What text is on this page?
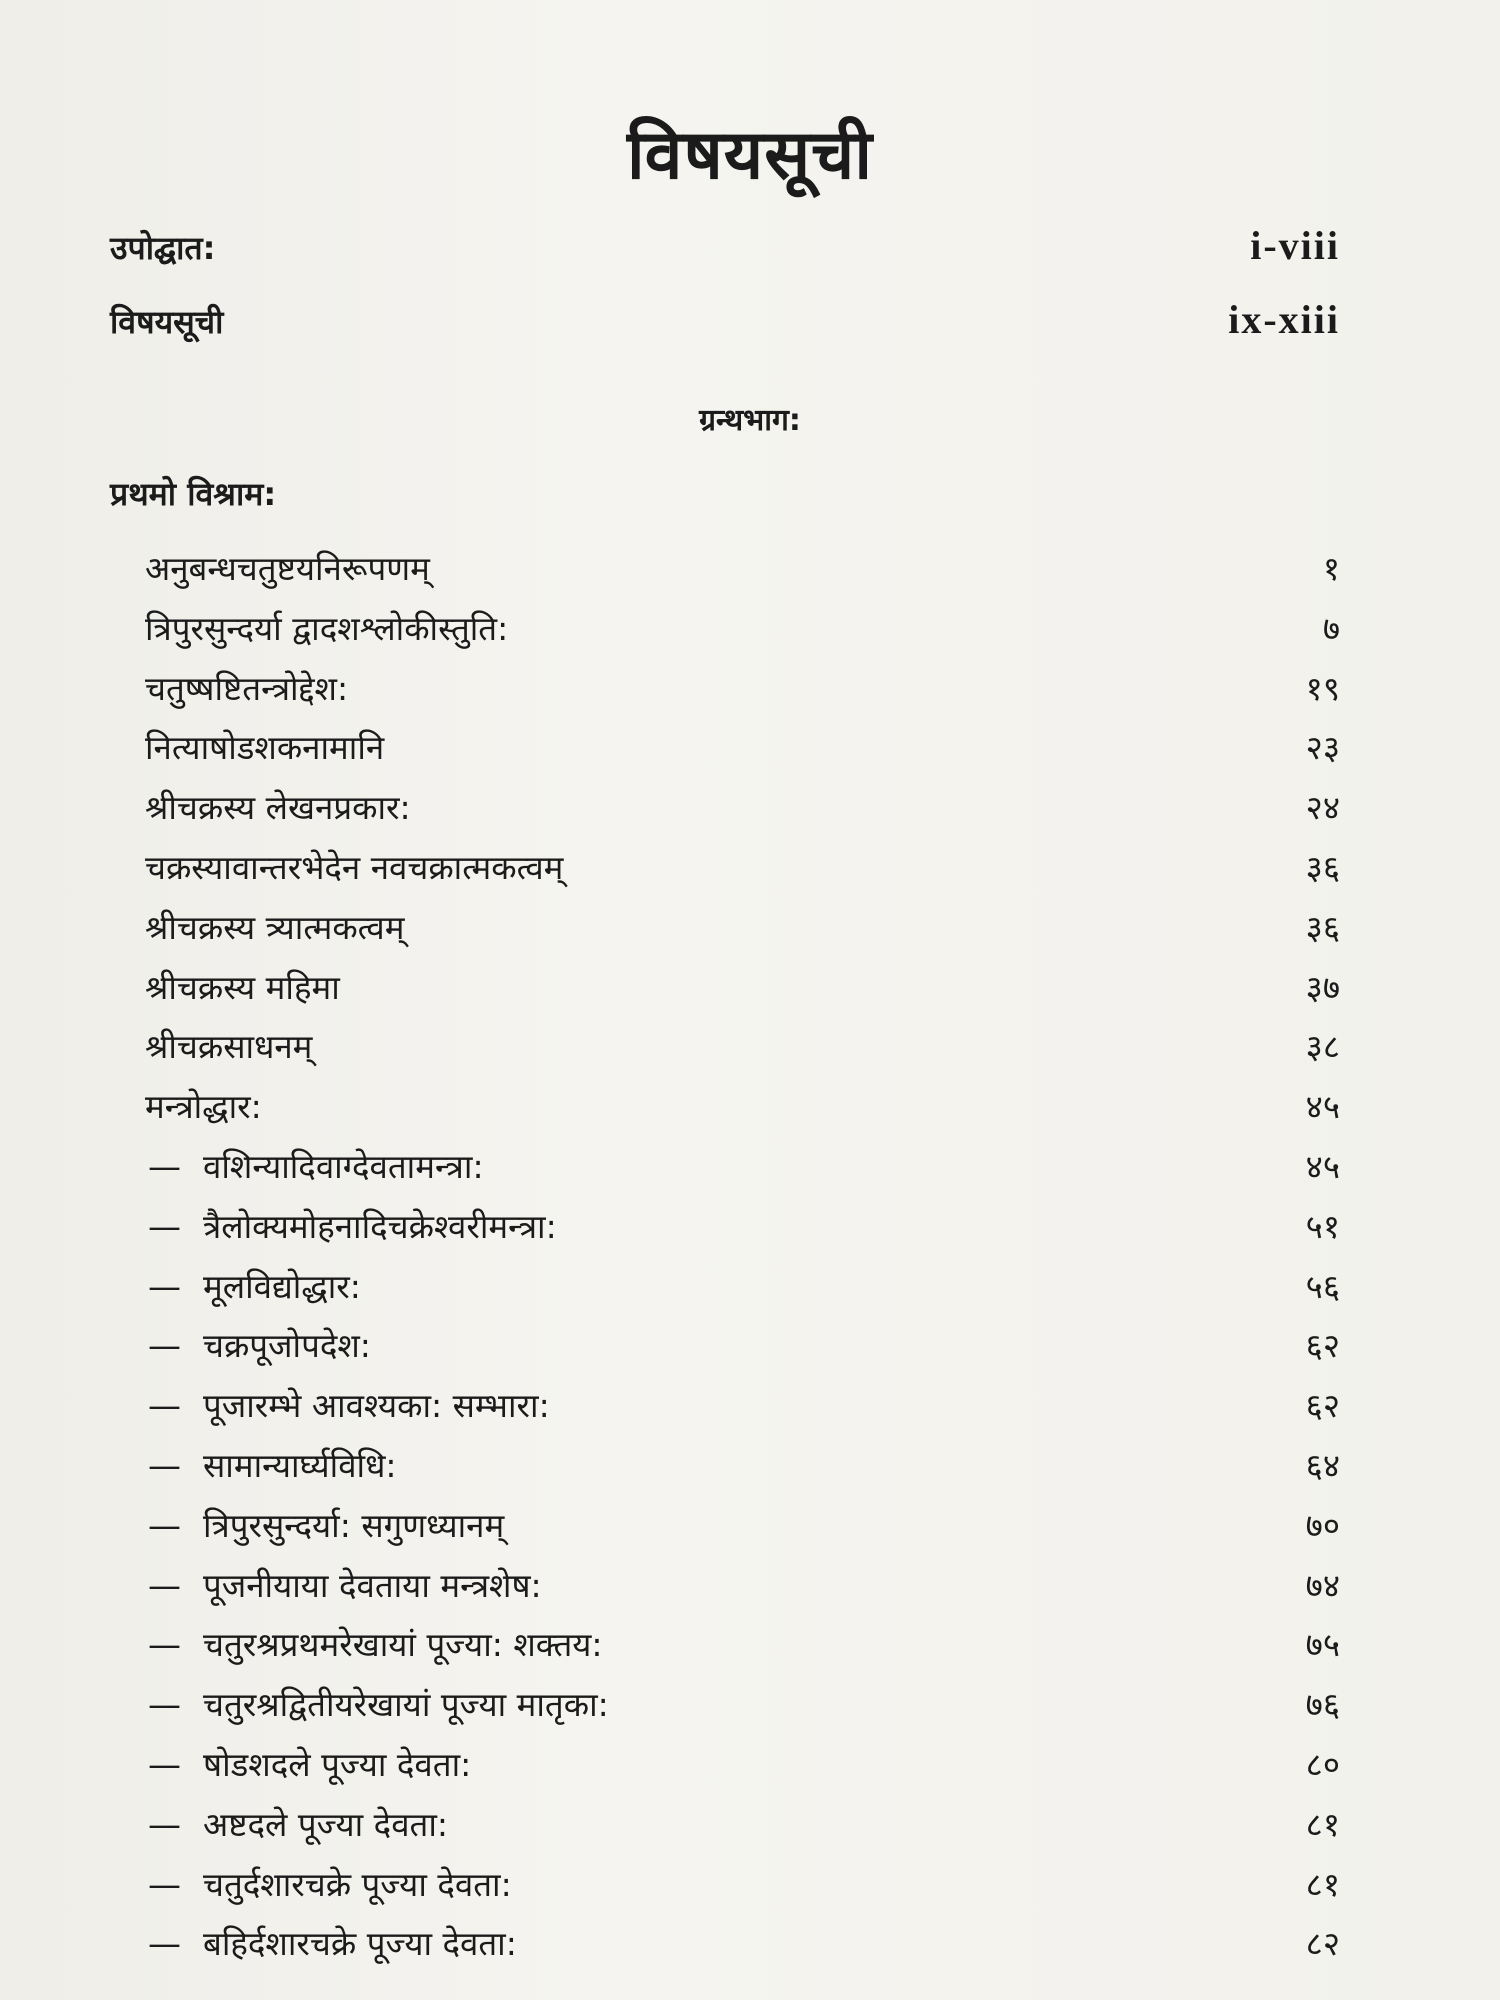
विषयसूची
उपोद्घात:	i-viii
विषयसूची	ix-xiii
ग्रन्थभाग:
प्रथमो विश्राम:
अनुबन्धचतुष्टयनिरूपणम्	१
त्रिपुरसुन्दर्या द्वादशश्लोकीस्तुति:	७
चतुष्षष्टितन्त्रोद्देश:	१९
नित्याषोडशकनामानि	२३
श्रीचक्रस्य लेखनप्रकार:	२४
चक्रस्यावान्तरभेदेन नवचक्रात्मकत्वम्	३६
श्रीचक्रस्य त्र्यात्मकत्वम्	३६
श्रीचक्रस्य महिमा	३७
श्रीचक्रसाधनम्	३८
मन्त्रोद्धार:	४५
— वशिन्यादिवाग्देवतामन्त्रा:	४५
— त्रैलोक्यमोहनादिचक्रेश्वरीमन्त्रा:	५१
— मूलविद्योद्धार:	५६
— चक्रपूजोपदेश:	६२
— पूजारम्भे आवश्यका: सम्भारा:	६२
— सामान्यार्घ्यविधि:	६४
— त्रिपुरसुन्दर्या: सगुणध्यानम्	७०
— पूजनीयाया देवताया मन्त्रशेष:	७४
— चतुरश्रप्रथमरेखायां पूज्या: शक्तय:	७५
— चतुरश्रद्वितीयरेखायां पूज्या मातृका:	७६
— षोडशदले पूज्या देवता:	८०
— अष्टदले पूज्या देवता:	८१
— चतुर्दशारचक्रे पूज्या देवता:	८१
— बहिर्दशारचक्रे पूज्या देवता:	८२
